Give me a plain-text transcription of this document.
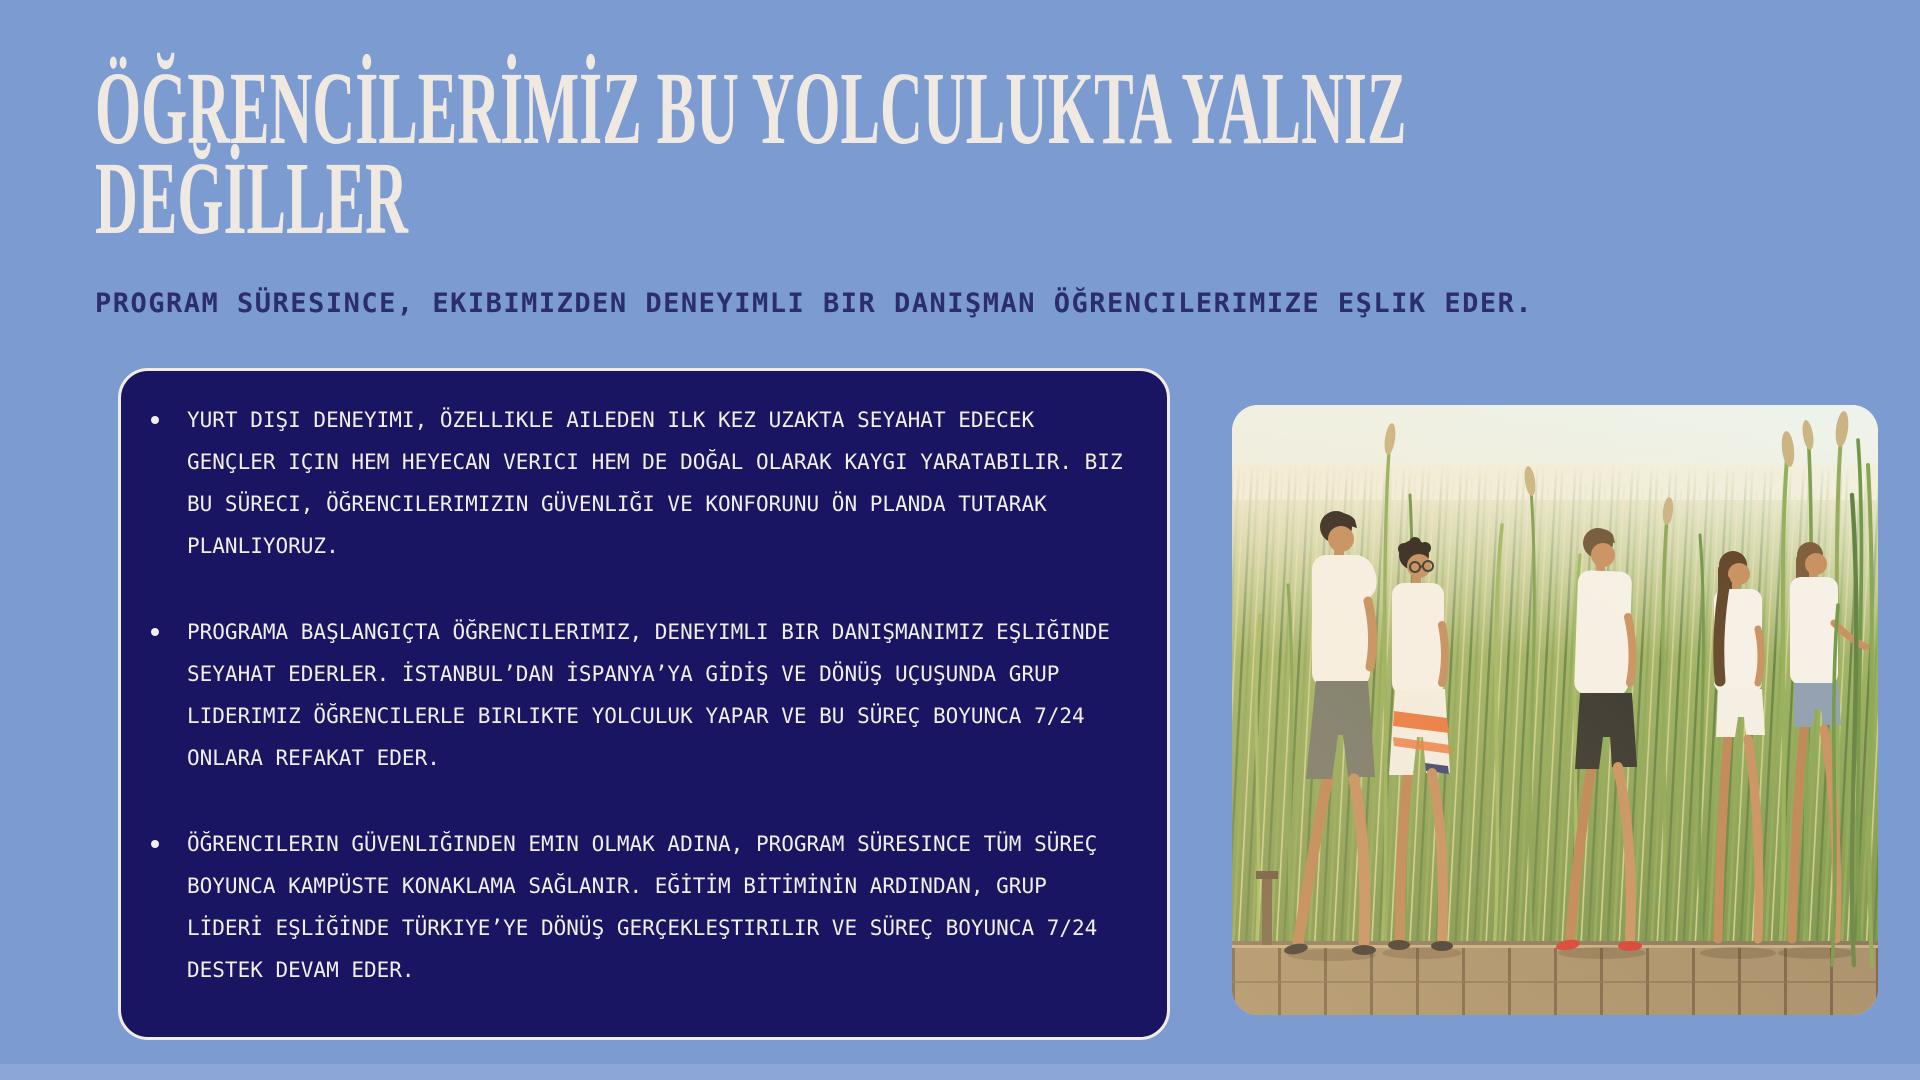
ÖĞRENCİLERİMİZ BU YOLCULUKTA YALNIZ
DEĞİLLER
PROGRAM SÜRESINCE, EKIBIMIZDEN DENEYIMLI BIR DANIŞMAN ÖĞRENCILERIMIZE EŞLIK EDER.
YURT DIŞI DENEYIMI, ÖZELLIKLE AILEDEN ILK KEZ UZAKTA SEYAHAT EDECEK GENÇLER IÇIN HEM HEYECAN VERICI HEM DE DOĞAL OLARAK KAYGI YARATABILIR. BIZ BU SÜRECI, ÖĞRENCILERIMIZIN GÜVENLIĞI VE KONFORUNU ÖN PLANDA TUTARAK PLANLIYORUZ.
PROGRAMA BAŞLANGIÇTA ÖĞRENCILERIMIZ, DENEYIMLI BIR DANIŞMANIMIZ EŞLIĞINDE SEYAHAT EDERLER. İSTANBUL’DAN İSPANYA’YA GİDİŞ VE DÖNÜŞ UÇUŞUNDA GRUP LIDERIMIZ ÖĞRENCILERLE BIRLIKTE YOLCULUK YAPAR VE BU SÜREÇ BOYUNCA 7/24 ONLARA REFAKAT EDER.
ÖĞRENCILERIN GÜVENLIĞINDEN EMIN OLMAK ADINA, PROGRAM SÜRESINCE TÜM SÜREÇ BOYUNCA KAMPÜSTE KONAKLAMA SAĞLANIR. EĞİTİM BİTİMİNİN ARDINDAN, GRUP LİDERİ EŞLİĞİNDE TÜRKIYE’YE DÖNÜŞ GERÇEKLEŞTIRILIR VE SÜREÇ BOYUNCA 7/24 DESTEK DEVAM EDER.
